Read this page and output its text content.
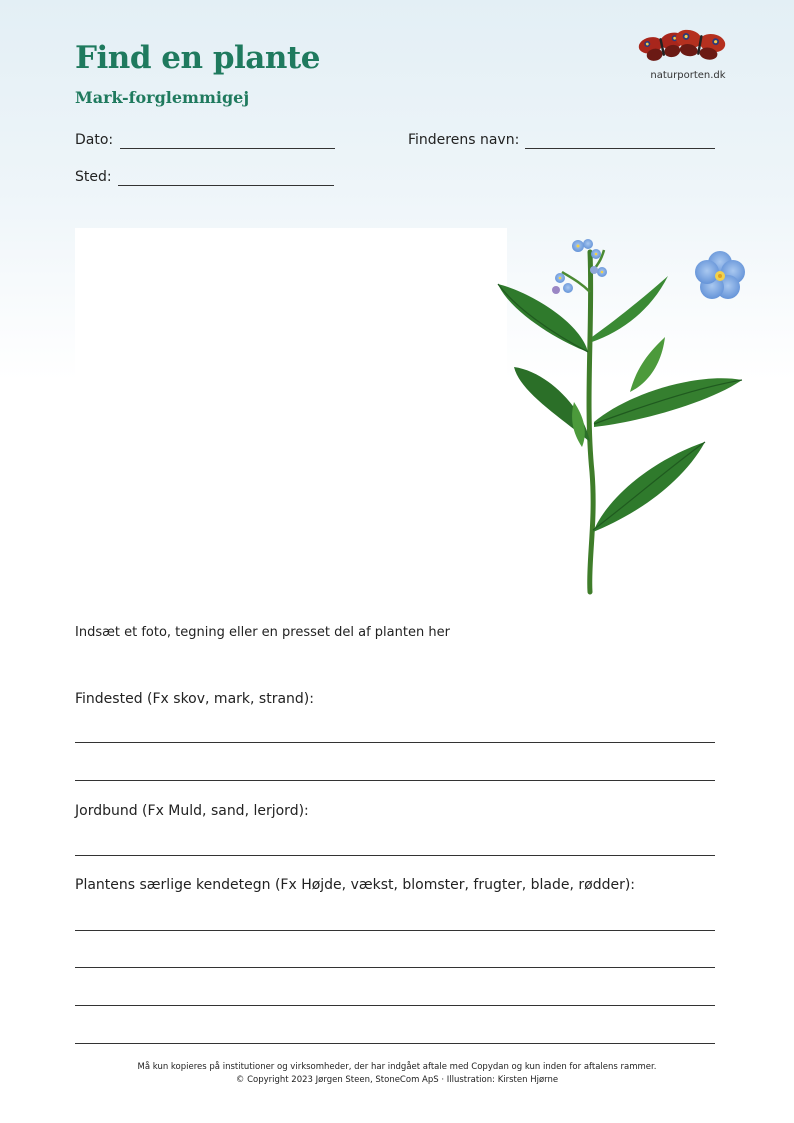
Find en plante
Mark-forglemmigej
naturporten.dk
Dato:	Finderens navn:
Sted:
Indsæt et foto, tegning eller en presset del af planten her
Findested (Fx skov, mark, strand):
Jordbund (Fx Muld, sand, lerjord):
Plantens særlige kendetegn (Fx Højde, vækst, blomster, frugter, blade, rødder):
Må kun kopieres på institutioner og virksomheder, der har indgået aftale med Copydan og kun inden for aftalens rammer.
© Copyright 2023 Jørgen Steen, StoneCom ApS · Illustration: Kirsten Hjørne
